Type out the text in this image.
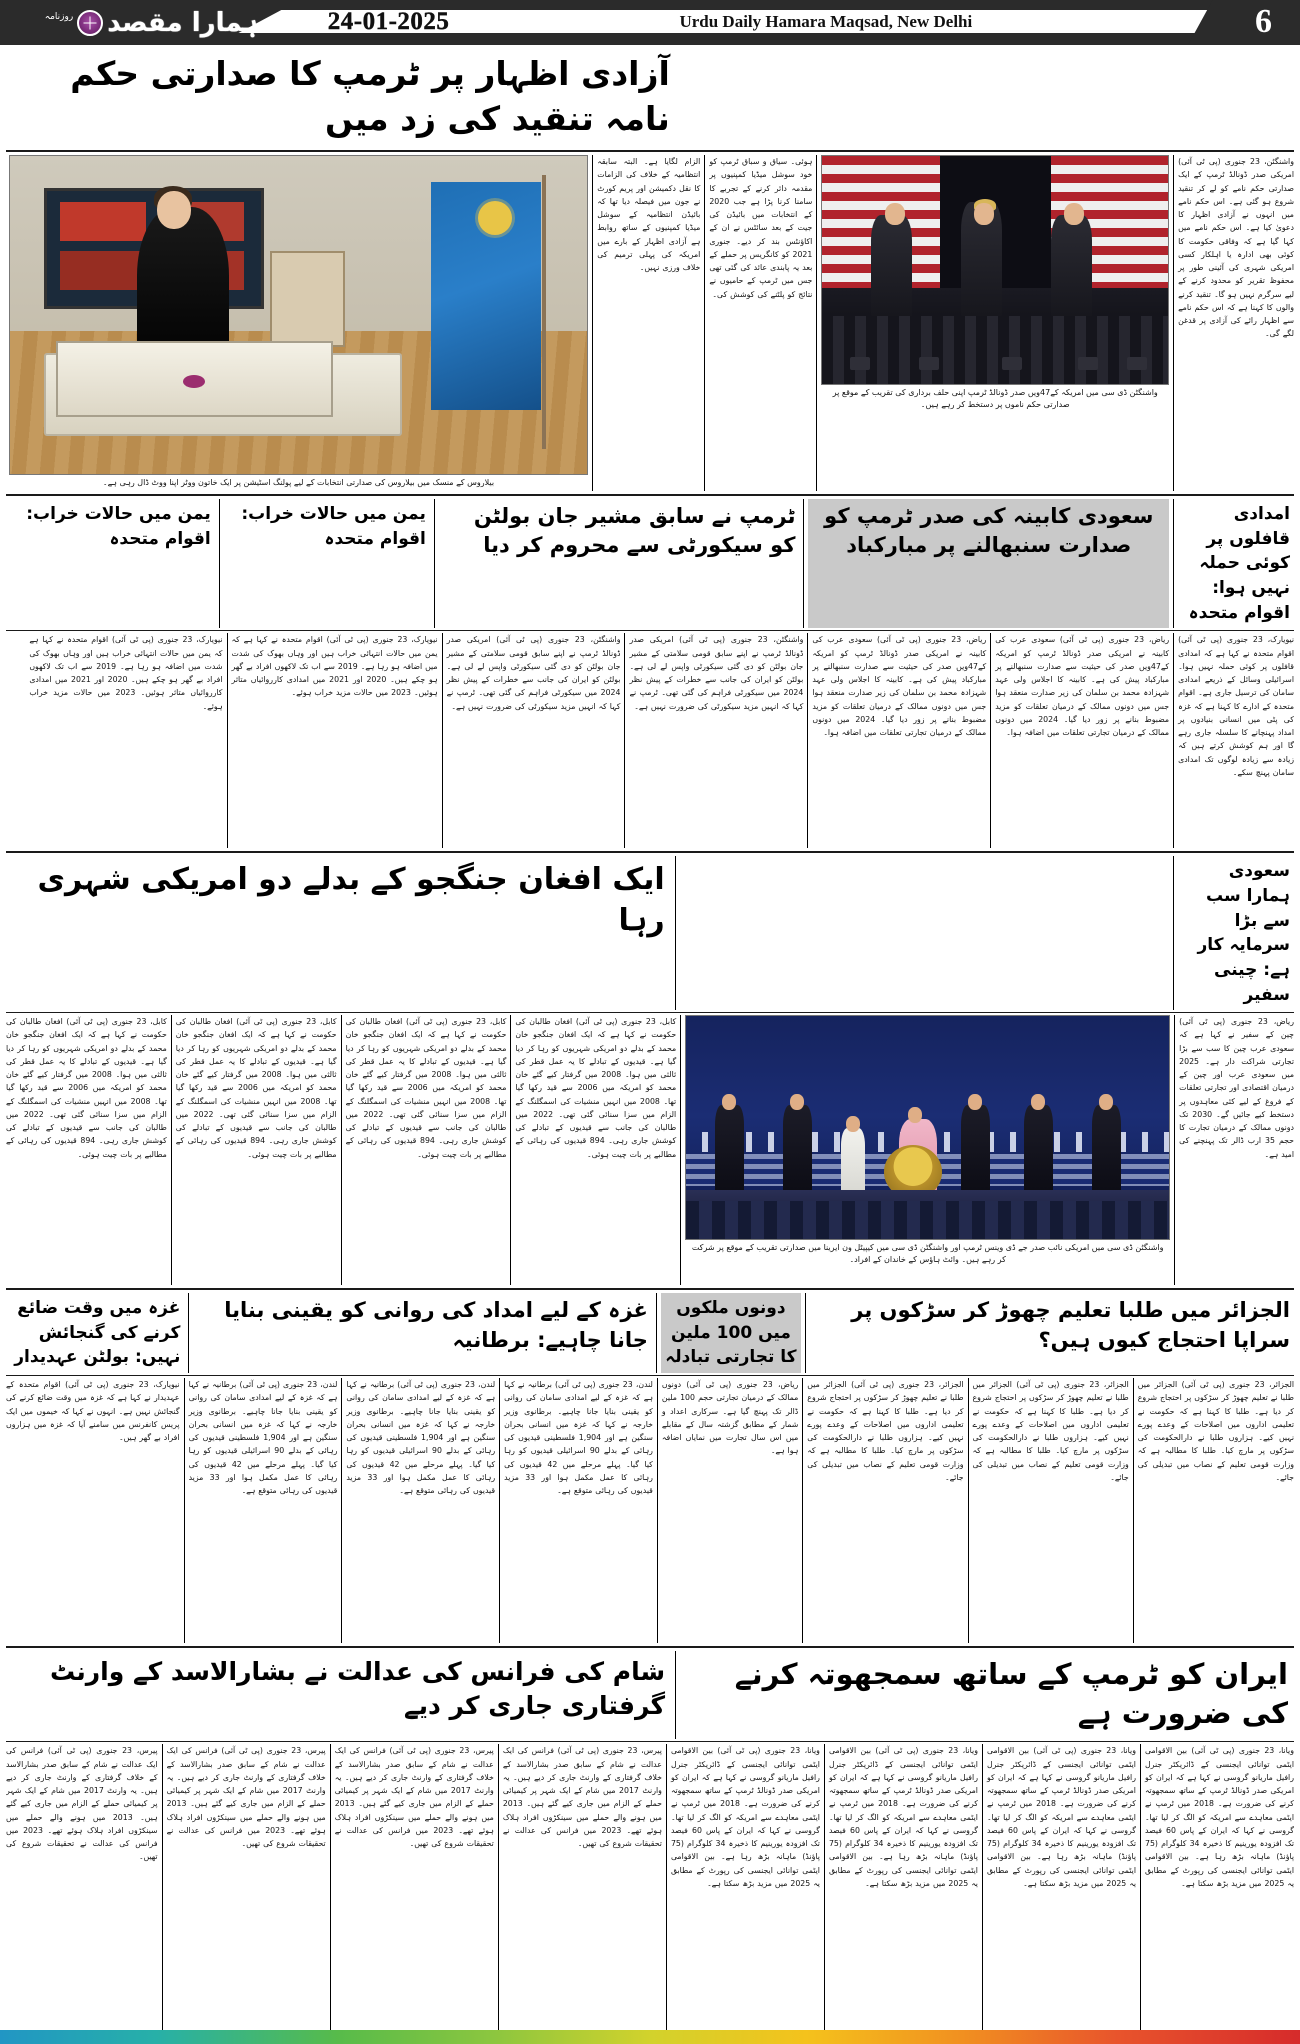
ہمارا مقصد
روزنامہ	24-01-2025	Urdu Daily Hamara Maqsad, New Delhi	6
آزادی اظہار پر ٹرمپ کا صدارتی حکم نامہ تنقید کی زد میں
واشنگٹن، 23 جنوری (پی ٹی آئی) امریکی صدر ڈونالڈ ٹرمپ کے ایک صدارتی حکم نامے کو لے کر تنقید شروع ہو گئی ہے۔ اس حکم نامے میں انہوں نے آزادی اظہار کا دعویٰ کیا ہے۔ اس حکم نامے میں کہا گیا ہے کہ وفاقی حکومت کا کوئی بھی ادارہ یا اہلکار کسی امریکی شہری کی آئینی طور پر محفوظ تقریر کو محدود کرنے کے لیے سرگرم نہیں ہو گا۔ تنقید کرنے والوں کا کہنا ہے کہ اس حکم نامے سے اظہار رائے کی آزادی پر قدغن لگے گی۔
واشنگٹن ڈی سی میں امریکہ کے47ویں صدر ڈونالڈ ٹرمپ اپنی حلف برداری کی تقریب کے موقع پر صدارتی حکم ناموں پر دستخط کر رہے ہیں۔
ہوئی۔ سیاق و سباق ٹرمپ کو خود سوشل میڈیا کمپنیوں پر مقدمہ دائر کرنے کے تجربے کا سامنا کرنا پڑا ہے جب 2020 کے انتخابات میں بائیڈن کی جیت کے بعد سائٹس نے ان کے اکاؤنٹس بند کر دیے۔ جنوری 2021 کو کانگریس پر حملے کے بعد یہ پابندی عائد کی گئی تھی جس میں ٹرمپ کے حامیوں نے نتائج کو پلٹنے کی کوشش کی۔
الزام لگایا ہے۔ البتہ سابقہ انتظامیہ کے خلاف کی الزامات کا نقل دکمیشن اور پریم کورٹ نے جون میں فیصلہ دیا تھا کہ بائیڈن انتظامیہ کے سوشل میڈیا کمپنیوں کے ساتھ روابط ہے آزادی اظہار کے بارے میں امریکہ کی پہلی ترمیم کی خلاف ورزی نہیں۔
بیلاروس کے منسک میں بیلاروس کی صدارتی انتخابات کے لیے پولنگ اسٹیشن پر ایک خاتون ووٹر اپنا ووٹ ڈال رہی ہے۔
امدادی قافلوں پر کوئی حملہ نہیں ہوا: اقوام متحدہ
سعودی کابینہ کی صدر ٹرمپ کو صدارت سنبھالنے پر مبارکباد
ٹرمپ نے سابق مشیر جان بولٹن کو سیکورٹی سے محروم کر دیا
یمن میں حالات خراب: اقوام متحدہ
یمن میں حالات خراب: اقوام متحدہ
نیویارک، 23 جنوری (پی ٹی آئی) اقوام متحدہ نے کہا ہے کہ امدادی قافلوں پر کوئی حملہ نہیں ہوا۔ اسرائیلی وسائل کے ذریعے امدادی سامان کی ترسیل جاری ہے۔ اقوام متحدہ کے ادارے کا کہنا ہے کہ غزہ کی پٹی میں انسانی بنیادوں پر امداد پہنچانے کا سلسلہ جاری رہے گا اور ہم کوشش کرتے ہیں کہ زیادہ سے زیادہ لوگوں تک امدادی سامان پہنچ سکے۔
ریاض، 23 جنوری (پی ٹی آئی) سعودی عرب کی کابینہ نے امریکی صدر ڈونالڈ ٹرمپ کو امریکہ کے47ویں صدر کی حیثیت سے صدارت سنبھالنے پر مبارکباد پیش کی ہے۔ کابینہ کا اجلاس ولی عہد شہزادہ محمد بن سلمان کی زیر صدارت منعقد ہوا جس میں دونوں ممالک کے درمیان تعلقات کو مزید مضبوط بنانے پر زور دیا گیا۔ 2024 میں دونوں ممالک کے درمیان تجارتی تعلقات میں اضافہ ہوا۔
ریاض، 23 جنوری (پی ٹی آئی) سعودی عرب کی کابینہ نے امریکی صدر ڈونالڈ ٹرمپ کو امریکہ کے47ویں صدر کی حیثیت سے صدارت سنبھالنے پر مبارکباد پیش کی ہے۔ کابینہ کا اجلاس ولی عہد شہزادہ محمد بن سلمان کی زیر صدارت منعقد ہوا جس میں دونوں ممالک کے درمیان تعلقات کو مزید مضبوط بنانے پر زور دیا گیا۔ 2024 میں دونوں ممالک کے درمیان تجارتی تعلقات میں اضافہ ہوا۔
واشنگٹن، 23 جنوری (پی ٹی آئی) امریکی صدر ڈونالڈ ٹرمپ نے اپنے سابق قومی سلامتی کے مشیر جان بولٹن کو دی گئی سیکورٹی واپس لے لی ہے۔ بولٹن کو ایران کی جانب سے خطرات کے پیش نظر 2024 میں سیکورٹی فراہم کی گئی تھی۔ ٹرمپ نے کہا کہ انہیں مزید سیکورٹی کی ضرورت نہیں ہے۔
واشنگٹن، 23 جنوری (پی ٹی آئی) امریکی صدر ڈونالڈ ٹرمپ نے اپنے سابق قومی سلامتی کے مشیر جان بولٹن کو دی گئی سیکورٹی واپس لے لی ہے۔ بولٹن کو ایران کی جانب سے خطرات کے پیش نظر 2024 میں سیکورٹی فراہم کی گئی تھی۔ ٹرمپ نے کہا کہ انہیں مزید سیکورٹی کی ضرورت نہیں ہے۔
نیویارک، 23 جنوری (پی ٹی آئی) اقوام متحدہ نے کہا ہے کہ یمن میں حالات انتہائی خراب ہیں اور وہاں بھوک کی شدت میں اضافہ ہو رہا ہے۔ 2019 سے اب تک لاکھوں افراد بے گھر ہو چکے ہیں۔ 2020 اور 2021 میں امدادی کارروائیاں متاثر ہوئیں۔ 2023 میں حالات مزید خراب ہوئے۔
نیویارک، 23 جنوری (پی ٹی آئی) اقوام متحدہ نے کہا ہے کہ یمن میں حالات انتہائی خراب ہیں اور وہاں بھوک کی شدت میں اضافہ ہو رہا ہے۔ 2019 سے اب تک لاکھوں افراد بے گھر ہو چکے ہیں۔ 2020 اور 2021 میں امدادی کارروائیاں متاثر ہوئیں۔ 2023 میں حالات مزید خراب ہوئے۔
سعودی ہمارا سب سے بڑا سرمایہ کار ہے: چینی سفیر
ایک افغان جنگجو کے بدلے دو امریکی شہری رہا
ریاض، 23 جنوری (پی ٹی آئی) چین کے سفیر نے کہا ہے کہ سعودی عرب چین کا سب سے بڑا تجارتی شراکت دار ہے۔ 2025 میں سعودی عرب اور چین کے درمیان اقتصادی اور تجارتی تعلقات کے فروغ کے لیے کئی معاہدوں پر دستخط کیے جائیں گے۔ 2030 تک دونوں ممالک کے درمیان تجارت کا حجم 35 ارب ڈالر تک پہنچنے کی امید ہے۔
واشنگٹن ڈی سی میں امریکی نائب صدر جے ڈی وینس ٹرمپ اور واشنگٹن ڈی سی میں کیپیٹل ون ایرینا میں صدارتی تقریب کے موقع پر شرکت کر رہے ہیں۔ وائٹ ہاؤس کے خاندان کے افراد۔
کابل، 23 جنوری (پی ٹی آئی) افغان طالبان کی حکومت نے کہا ہے کہ ایک افغان جنگجو خان محمد کے بدلے دو امریکی شہریوں کو رہا کر دیا گیا ہے۔ قیدیوں کے تبادلے کا یہ عمل قطر کی ثالثی میں ہوا۔ 2008 میں گرفتار کیے گئے خان محمد کو امریکہ میں 2006 سے قید رکھا گیا تھا۔ 2008 میں انہیں منشیات کی اسمگلنگ کے الزام میں سزا سنائی گئی تھی۔ 2022 میں طالبان کی جانب سے قیدیوں کے تبادلے کی کوشش جاری رہی۔ 894 قیدیوں کی رہائی کے مطالبے پر بات چیت ہوئی۔
کابل، 23 جنوری (پی ٹی آئی) افغان طالبان کی حکومت نے کہا ہے کہ ایک افغان جنگجو خان محمد کے بدلے دو امریکی شہریوں کو رہا کر دیا گیا ہے۔ قیدیوں کے تبادلے کا یہ عمل قطر کی ثالثی میں ہوا۔ 2008 میں گرفتار کیے گئے خان محمد کو امریکہ میں 2006 سے قید رکھا گیا تھا۔ 2008 میں انہیں منشیات کی اسمگلنگ کے الزام میں سزا سنائی گئی تھی۔ 2022 میں طالبان کی جانب سے قیدیوں کے تبادلے کی کوشش جاری رہی۔ 894 قیدیوں کی رہائی کے مطالبے پر بات چیت ہوئی۔
کابل، 23 جنوری (پی ٹی آئی) افغان طالبان کی حکومت نے کہا ہے کہ ایک افغان جنگجو خان محمد کے بدلے دو امریکی شہریوں کو رہا کر دیا گیا ہے۔ قیدیوں کے تبادلے کا یہ عمل قطر کی ثالثی میں ہوا۔ 2008 میں گرفتار کیے گئے خان محمد کو امریکہ میں 2006 سے قید رکھا گیا تھا۔ 2008 میں انہیں منشیات کی اسمگلنگ کے الزام میں سزا سنائی گئی تھی۔ 2022 میں طالبان کی جانب سے قیدیوں کے تبادلے کی کوشش جاری رہی۔ 894 قیدیوں کی رہائی کے مطالبے پر بات چیت ہوئی۔
کابل، 23 جنوری (پی ٹی آئی) افغان طالبان کی حکومت نے کہا ہے کہ ایک افغان جنگجو خان محمد کے بدلے دو امریکی شہریوں کو رہا کر دیا گیا ہے۔ قیدیوں کے تبادلے کا یہ عمل قطر کی ثالثی میں ہوا۔ 2008 میں گرفتار کیے گئے خان محمد کو امریکہ میں 2006 سے قید رکھا گیا تھا۔ 2008 میں انہیں منشیات کی اسمگلنگ کے الزام میں سزا سنائی گئی تھی۔ 2022 میں طالبان کی جانب سے قیدیوں کے تبادلے کی کوشش جاری رہی۔ 894 قیدیوں کی رہائی کے مطالبے پر بات چیت ہوئی۔
الجزائر میں طلبا تعلیم چھوڑ کر سڑکوں پر سراپا احتجاج کیوں ہیں؟
دونوں ملکوں میں 100 ملین کا تجارتی تبادلہ
غزہ کے لیے امداد کی روانی کو یقینی بنایا جانا چاہیے: برطانیہ
غزہ میں وقت ضائع کرنے کی گنجائش نہیں: بولٹن عہدیدار
الجزائر، 23 جنوری (پی ٹی آئی) الجزائر میں طلبا نے تعلیم چھوڑ کر سڑکوں پر احتجاج شروع کر دیا ہے۔ طلبا کا کہنا ہے کہ حکومت نے تعلیمی اداروں میں اصلاحات کے وعدے پورے نہیں کیے۔ ہزاروں طلبا نے دارالحکومت کی سڑکوں پر مارچ کیا۔ طلبا کا مطالبہ ہے کہ وزارت قومی تعلیم کے نصاب میں تبدیلی کی جائے۔
الجزائر، 23 جنوری (پی ٹی آئی) الجزائر میں طلبا نے تعلیم چھوڑ کر سڑکوں پر احتجاج شروع کر دیا ہے۔ طلبا کا کہنا ہے کہ حکومت نے تعلیمی اداروں میں اصلاحات کے وعدے پورے نہیں کیے۔ ہزاروں طلبا نے دارالحکومت کی سڑکوں پر مارچ کیا۔ طلبا کا مطالبہ ہے کہ وزارت قومی تعلیم کے نصاب میں تبدیلی کی جائے۔
الجزائر، 23 جنوری (پی ٹی آئی) الجزائر میں طلبا نے تعلیم چھوڑ کر سڑکوں پر احتجاج شروع کر دیا ہے۔ طلبا کا کہنا ہے کہ حکومت نے تعلیمی اداروں میں اصلاحات کے وعدے پورے نہیں کیے۔ ہزاروں طلبا نے دارالحکومت کی سڑکوں پر مارچ کیا۔ طلبا کا مطالبہ ہے کہ وزارت قومی تعلیم کے نصاب میں تبدیلی کی جائے۔
ریاض، 23 جنوری (پی ٹی آئی) دونوں ممالک کے درمیان تجارتی حجم 100 ملین ڈالر تک پہنچ گیا ہے۔ سرکاری اعداد و شمار کے مطابق گزشتہ سال کے مقابلے میں اس سال تجارت میں نمایاں اضافہ ہوا ہے۔
لندن، 23 جنوری (پی ٹی آئی) برطانیہ نے کہا ہے کہ غزہ کے لیے امدادی سامان کی روانی کو یقینی بنایا جانا چاہیے۔ برطانوی وزیر خارجہ نے کہا کہ غزہ میں انسانی بحران سنگین ہے اور 1,904 فلسطینی قیدیوں کی رہائی کے بدلے 90 اسرائیلی قیدیوں کو رہا کیا گیا۔ پہلے مرحلے میں 42 قیدیوں کی رہائی کا عمل مکمل ہوا اور 33 مزید قیدیوں کی رہائی متوقع ہے۔
لندن، 23 جنوری (پی ٹی آئی) برطانیہ نے کہا ہے کہ غزہ کے لیے امدادی سامان کی روانی کو یقینی بنایا جانا چاہیے۔ برطانوی وزیر خارجہ نے کہا کہ غزہ میں انسانی بحران سنگین ہے اور 1,904 فلسطینی قیدیوں کی رہائی کے بدلے 90 اسرائیلی قیدیوں کو رہا کیا گیا۔ پہلے مرحلے میں 42 قیدیوں کی رہائی کا عمل مکمل ہوا اور 33 مزید قیدیوں کی رہائی متوقع ہے۔
لندن، 23 جنوری (پی ٹی آئی) برطانیہ نے کہا ہے کہ غزہ کے لیے امدادی سامان کی روانی کو یقینی بنایا جانا چاہیے۔ برطانوی وزیر خارجہ نے کہا کہ غزہ میں انسانی بحران سنگین ہے اور 1,904 فلسطینی قیدیوں کی رہائی کے بدلے 90 اسرائیلی قیدیوں کو رہا کیا گیا۔ پہلے مرحلے میں 42 قیدیوں کی رہائی کا عمل مکمل ہوا اور 33 مزید قیدیوں کی رہائی متوقع ہے۔
نیویارک، 23 جنوری (پی ٹی آئی) اقوام متحدہ کے عہدیدار نے کہا ہے کہ غزہ میں وقت ضائع کرنے کی گنجائش نہیں ہے۔ انہوں نے کہا کہ خیموں میں ایک پریس کانفرنس میں سامنے آیا کہ غزہ میں ہزاروں افراد بے گھر ہیں۔
ایران کو ٹرمپ کے ساتھ سمجھوتہ کرنے کی ضرورت ہے
شام کی فرانس کی عدالت نے بشارالاسد کے وارنٹ گرفتاری جاری کر دیے
ویانا، 23 جنوری (پی ٹی آئی) بین الاقوامی ایٹمی توانائی ایجنسی کے ڈائریکٹر جنرل رافیل ماریانو گروسی نے کہا ہے کہ ایران کو امریکی صدر ڈونالڈ ٹرمپ کے ساتھ سمجھوتہ کرنے کی ضرورت ہے۔ 2018 میں ٹرمپ نے ایٹمی معاہدے سے امریکہ کو الگ کر لیا تھا۔ گروسی نے کہا کہ ایران کے پاس 60 فیصد تک افزودہ یورینیم کا ذخیرہ 34 کلوگرام (75 پاؤنڈ) ماہانہ بڑھ رہا ہے۔ بین الاقوامی ایٹمی توانائی ایجنسی کی رپورٹ کے مطابق یہ 2025 میں مزید بڑھ سکتا ہے۔
ویانا، 23 جنوری (پی ٹی آئی) بین الاقوامی ایٹمی توانائی ایجنسی کے ڈائریکٹر جنرل رافیل ماریانو گروسی نے کہا ہے کہ ایران کو امریکی صدر ڈونالڈ ٹرمپ کے ساتھ سمجھوتہ کرنے کی ضرورت ہے۔ 2018 میں ٹرمپ نے ایٹمی معاہدے سے امریکہ کو الگ کر لیا تھا۔ گروسی نے کہا کہ ایران کے پاس 60 فیصد تک افزودہ یورینیم کا ذخیرہ 34 کلوگرام (75 پاؤنڈ) ماہانہ بڑھ رہا ہے۔ بین الاقوامی ایٹمی توانائی ایجنسی کی رپورٹ کے مطابق یہ 2025 میں مزید بڑھ سکتا ہے۔
ویانا، 23 جنوری (پی ٹی آئی) بین الاقوامی ایٹمی توانائی ایجنسی کے ڈائریکٹر جنرل رافیل ماریانو گروسی نے کہا ہے کہ ایران کو امریکی صدر ڈونالڈ ٹرمپ کے ساتھ سمجھوتہ کرنے کی ضرورت ہے۔ 2018 میں ٹرمپ نے ایٹمی معاہدے سے امریکہ کو الگ کر لیا تھا۔ گروسی نے کہا کہ ایران کے پاس 60 فیصد تک افزودہ یورینیم کا ذخیرہ 34 کلوگرام (75 پاؤنڈ) ماہانہ بڑھ رہا ہے۔ بین الاقوامی ایٹمی توانائی ایجنسی کی رپورٹ کے مطابق یہ 2025 میں مزید بڑھ سکتا ہے۔
ویانا، 23 جنوری (پی ٹی آئی) بین الاقوامی ایٹمی توانائی ایجنسی کے ڈائریکٹر جنرل رافیل ماریانو گروسی نے کہا ہے کہ ایران کو امریکی صدر ڈونالڈ ٹرمپ کے ساتھ سمجھوتہ کرنے کی ضرورت ہے۔ 2018 میں ٹرمپ نے ایٹمی معاہدے سے امریکہ کو الگ کر لیا تھا۔ گروسی نے کہا کہ ایران کے پاس 60 فیصد تک افزودہ یورینیم کا ذخیرہ 34 کلوگرام (75 پاؤنڈ) ماہانہ بڑھ رہا ہے۔ بین الاقوامی ایٹمی توانائی ایجنسی کی رپورٹ کے مطابق یہ 2025 میں مزید بڑھ سکتا ہے۔
پیرس، 23 جنوری (پی ٹی آئی) فرانس کی ایک عدالت نے شام کے سابق صدر بشارالاسد کے خلاف گرفتاری کے وارنٹ جاری کر دیے ہیں۔ یہ وارنٹ 2017 میں شام کے ایک شہر پر کیمیائی حملے کے الزام میں جاری کیے گئے ہیں۔ 2013 میں ہونے والے حملے میں سینکڑوں افراد ہلاک ہوئے تھے۔ 2023 میں فرانس کی عدالت نے تحقیقات شروع کی تھیں۔
پیرس، 23 جنوری (پی ٹی آئی) فرانس کی ایک عدالت نے شام کے سابق صدر بشارالاسد کے خلاف گرفتاری کے وارنٹ جاری کر دیے ہیں۔ یہ وارنٹ 2017 میں شام کے ایک شہر پر کیمیائی حملے کے الزام میں جاری کیے گئے ہیں۔ 2013 میں ہونے والے حملے میں سینکڑوں افراد ہلاک ہوئے تھے۔ 2023 میں فرانس کی عدالت نے تحقیقات شروع کی تھیں۔
پیرس، 23 جنوری (پی ٹی آئی) فرانس کی ایک عدالت نے شام کے سابق صدر بشارالاسد کے خلاف گرفتاری کے وارنٹ جاری کر دیے ہیں۔ یہ وارنٹ 2017 میں شام کے ایک شہر پر کیمیائی حملے کے الزام میں جاری کیے گئے ہیں۔ 2013 میں ہونے والے حملے میں سینکڑوں افراد ہلاک ہوئے تھے۔ 2023 میں فرانس کی عدالت نے تحقیقات شروع کی تھیں۔
پیرس، 23 جنوری (پی ٹی آئی) فرانس کی ایک عدالت نے شام کے سابق صدر بشارالاسد کے خلاف گرفتاری کے وارنٹ جاری کر دیے ہیں۔ یہ وارنٹ 2017 میں شام کے ایک شہر پر کیمیائی حملے کے الزام میں جاری کیے گئے ہیں۔ 2013 میں ہونے والے حملے میں سینکڑوں افراد ہلاک ہوئے تھے۔ 2023 میں فرانس کی عدالت نے تحقیقات شروع کی تھیں۔
